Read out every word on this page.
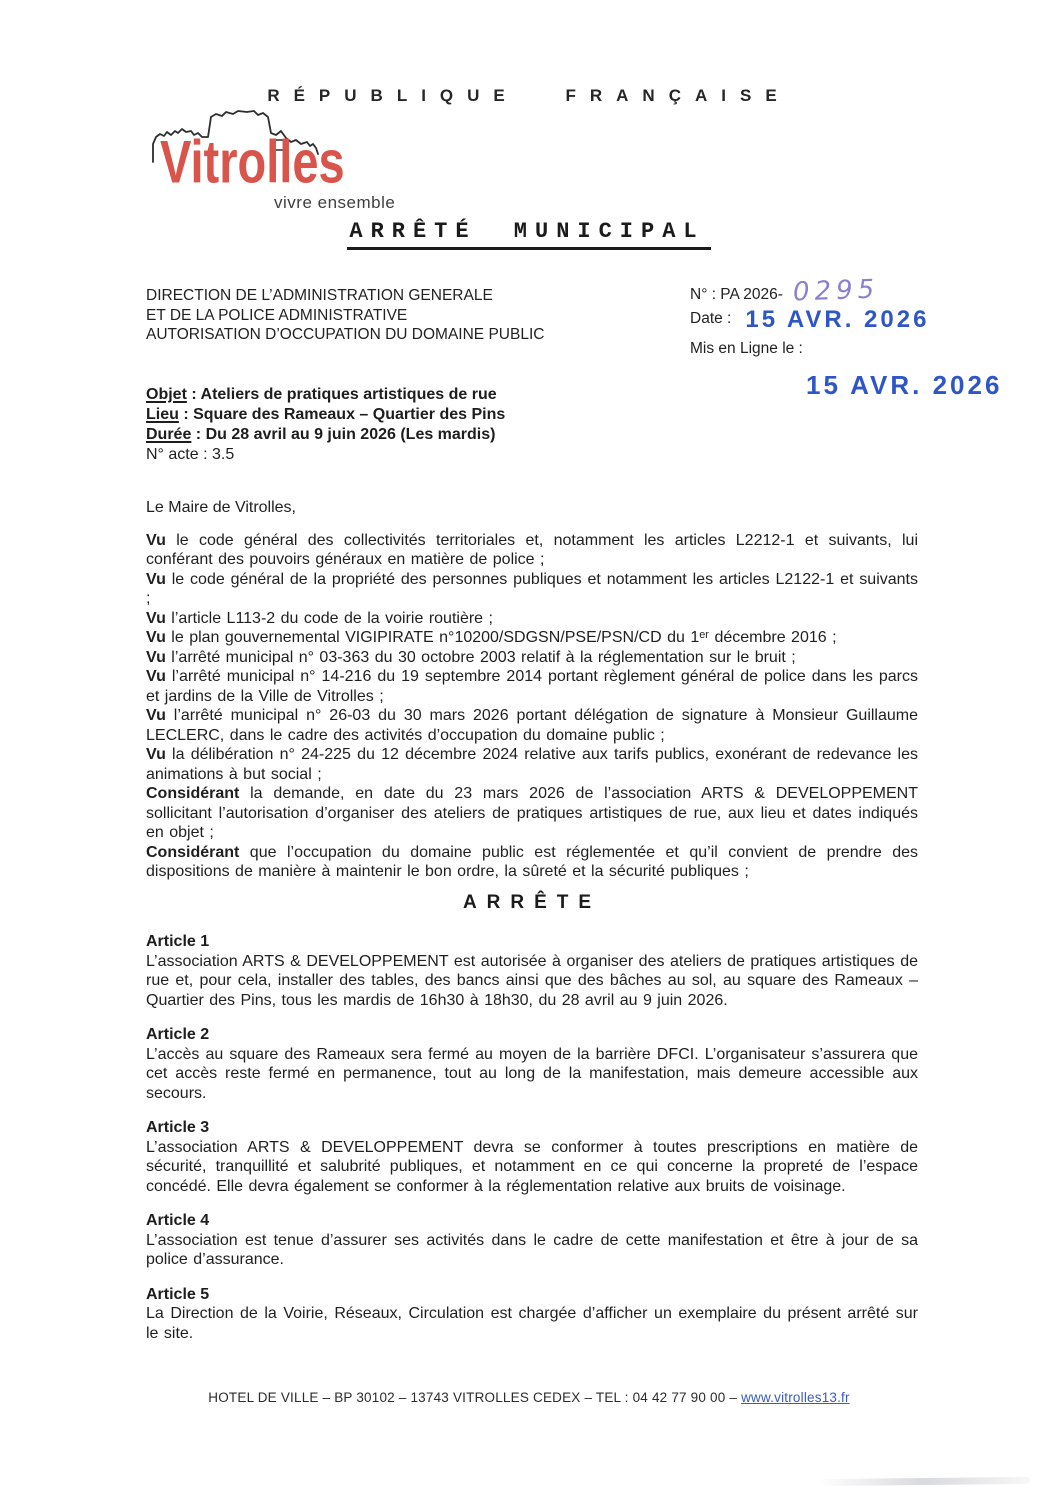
RÉPUBLIQUE FRANÇAISE
Vitrolles
vivre ensemble
ARRÊTÉ MUNICIPAL
DIRECTION DE L’ADMINISTRATION GENERALE
ET DE LA POLICE ADMINISTRATIVE
AUTORISATION D’OCCUPATION DU DOMAINE PUBLIC
N° : PA 2026- 0295
Date : 15 AVR. 2026
Mis en Ligne le :
15 AVR. 2026

Objet : Ateliers de pratiques artistiques de rue

Lieu : Square des Rameaux – Quartier des Pins

Durée : Du 28 avril au 9 juin 2026 (Les mardis)

N° acte : 3.5

Le Maire de Vitrolles,

Vu le code général des collectivités territoriales et, notamment les articles L2212-1 et suivants, lui conférant des pouvoirs généraux en matière de police ;

Vu le code général de la propriété des personnes publiques et notamment les articles L2122-1 et suivants ;

Vu l’article L113-2 du code de la voirie routière ;

Vu le plan gouvernemental VIGIPIRATE n°10200/SDGSN/PSE/PSN/CD du 1ᵉʳ décembre 2016 ;

Vu l’arrêté municipal n° 03-363 du 30 octobre 2003 relatif à la réglementation sur le bruit ;

Vu l’arrêté municipal n° 14-216 du 19 septembre 2014 portant règlement général de police dans les parcs et jardins de la Ville de Vitrolles ;

Vu l’arrêté municipal n° 26-03 du 30 mars 2026 portant délégation de signature à Monsieur Guillaume LECLERC, dans le cadre des activités d’occupation du domaine public ;

Vu la délibération n° 24-225 du 12 décembre 2024 relative aux tarifs publics, exonérant de redevance les animations à but social ;

Considérant la demande, en date du 23 mars 2026 de l’association ARTS & DEVELOPPEMENT sollicitant l’autorisation d’organiser des ateliers de pratiques artistiques de rue, aux lieu et dates indiqués en objet ;

Considérant que l’occupation du domaine public est réglementée et qu’il convient de prendre des dispositions de manière à maintenir le bon ordre, la sûreté et la sécurité publiques ;

ARRÊTE
Article 1

L’association ARTS & DEVELOPPEMENT est autorisée à organiser des ateliers de pratiques artistiques de rue et, pour cela, installer des tables, des bancs ainsi que des bâches au sol, au square des Rameaux – Quartier des Pins, tous les mardis de 16h30 à 18h30, du 28 avril au 9 juin 2026.

Article 2

L’accès au square des Rameaux sera fermé au moyen de la barrière DFCI. L’organisateur s’assurera que cet accès reste fermé en permanence, tout au long de la manifestation, mais demeure accessible aux secours.

Article 3

L’association ARTS & DEVELOPPEMENT devra se conformer à toutes prescriptions en matière de sécurité, tranquillité et salubrité publiques, et notamment en ce qui concerne la propreté de l’espace concédé. Elle devra également se conformer à la réglementation relative aux bruits de voisinage.

Article 4

L’association est tenue d’assurer ses activités dans le cadre de cette manifestation et être à jour de sa police d’assurance.

Article 5

La Direction de la Voirie, Réseaux, Circulation est chargée d’afficher un exemplaire du présent arrêté sur le site.

HOTEL DE VILLE – BP 30102 – 13743 VITROLLES CEDEX – TEL : 04 42 77 90 00 – www.vitrolles13.fr
